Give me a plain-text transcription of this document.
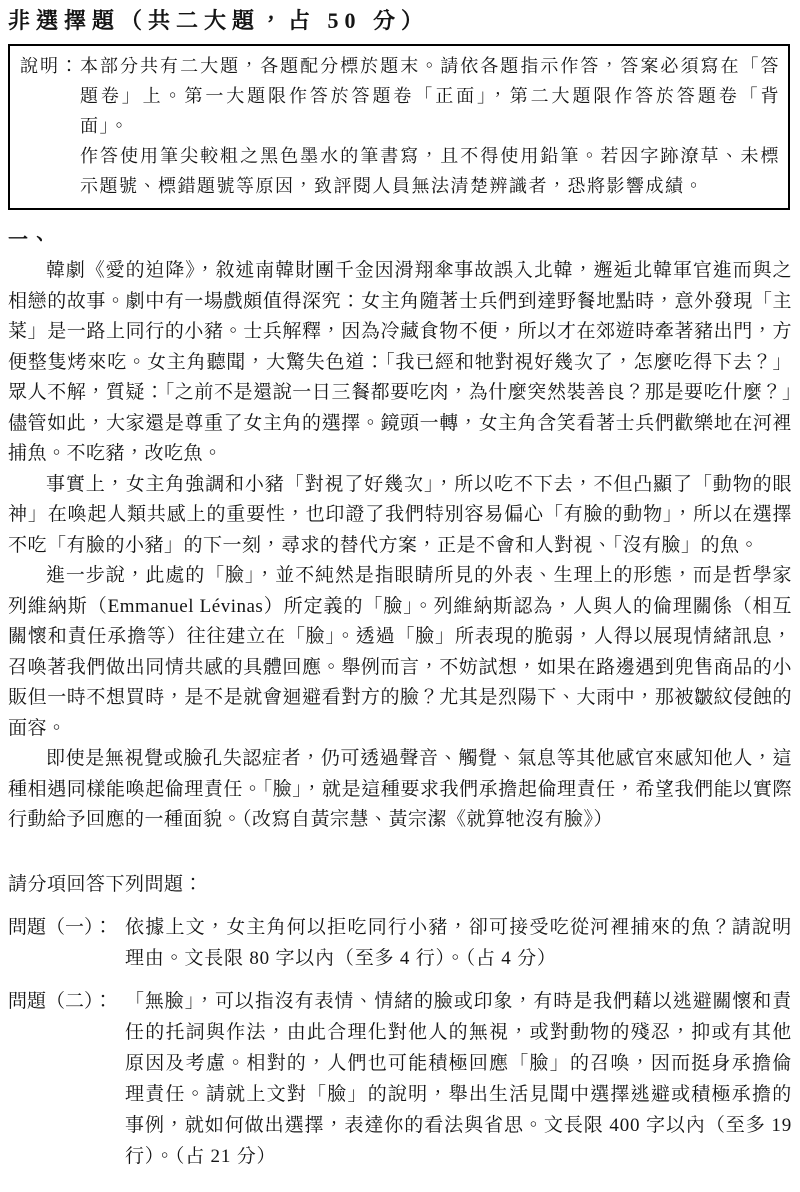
非選擇題（共二大題，占 50 分）
說明： 本部分共有二大題，各題配分標於題末。請依各題指示作答，答案必須寫在「答題卷」上。第一大題限作答於答題卷「正面」，第二大題限作答於答題卷「背面」。

作答使用筆尖較粗之黑色墨水的筆書寫，且不得使用鉛筆。若因字跡潦草、未標示題號、標錯題號等原因，致評閱人員無法清楚辨識者，恐將影響成績。

一、

韓劇《愛的迫降》，敘述南韓財團千金因滑翔傘事故誤入北韓，邂逅北韓軍官進而與之相戀的故事。劇中有一場戲頗值得深究：女主角隨著士兵們到達野餐地點時，意外發現「主菜」是一路上同行的小豬。士兵解釋，因為冷藏食物不便，所以才在郊遊時牽著豬出門，方便整隻烤來吃。女主角聽聞，大驚失色道：「我已經和牠對視好幾次了，怎麼吃得下去？」眾人不解，質疑：「之前不是還說一日三餐都要吃肉，為什麼突然裝善良？那是要吃什麼？」儘管如此，大家還是尊重了女主角的選擇。鏡頭一轉，女主角含笑看著士兵們歡樂地在河裡捕魚。不吃豬，改吃魚。

事實上，女主角強調和小豬「對視了好幾次」，所以吃不下去，不但凸顯了「動物的眼神」在喚起人類共感上的重要性，也印證了我們特別容易偏心「有臉的動物」，所以在選擇不吃「有臉的小豬」的下一刻，尋求的替代方案，正是不會和人對視、「沒有臉」的魚。

進一步說，此處的「臉」，並不純然是指眼睛所見的外表、生理上的形態，而是哲學家列維納斯（Emmanuel Lévinas）所定義的「臉」。列維納斯認為，人與人的倫理關係（相互關懷和責任承擔等）往往建立在「臉」。透過「臉」所表現的脆弱，人得以展現情緒訊息，召喚著我們做出同情共感的具體回應。舉例而言，不妨試想，如果在路邊遇到兜售商品的小販但一時不想買時，是不是就會迴避看對方的臉？尤其是烈陽下、大雨中，那被皺紋侵蝕的面容。

即使是無視覺或臉孔失認症者，仍可透過聲音、觸覺、氣息等其他感官來感知他人，這種相遇同樣能喚起倫理責任。「臉」，就是這種要求我們承擔起倫理責任，希望我們能以實際行動給予回應的一種面貌。（改寫自黃宗慧、黃宗潔《就算牠沒有臉》）

請分項回答下列問題：
問題（一）： 依據上文，女主角何以拒吃同行小豬，卻可接受吃從河裡捕來的魚？請說明理由。文長限 80 字以內（至多 4 行）。（占 4 分）
問題（二）： 「無臉」，可以指沒有表情、情緒的臉或印象，有時是我們藉以逃避關懷和責任的托詞與作法，由此合理化對他人的無視，或對動物的殘忍，抑或有其他原因及考慮。相對的，人們也可能積極回應「臉」的召喚，因而挺身承擔倫理責任。請就上文對「臉」的說明，舉出生活見聞中選擇逃避或積極承擔的事例，就如何做出選擇，表達你的看法與省思。文長限 400 字以內（至多 19 行）。（占 21 分）
